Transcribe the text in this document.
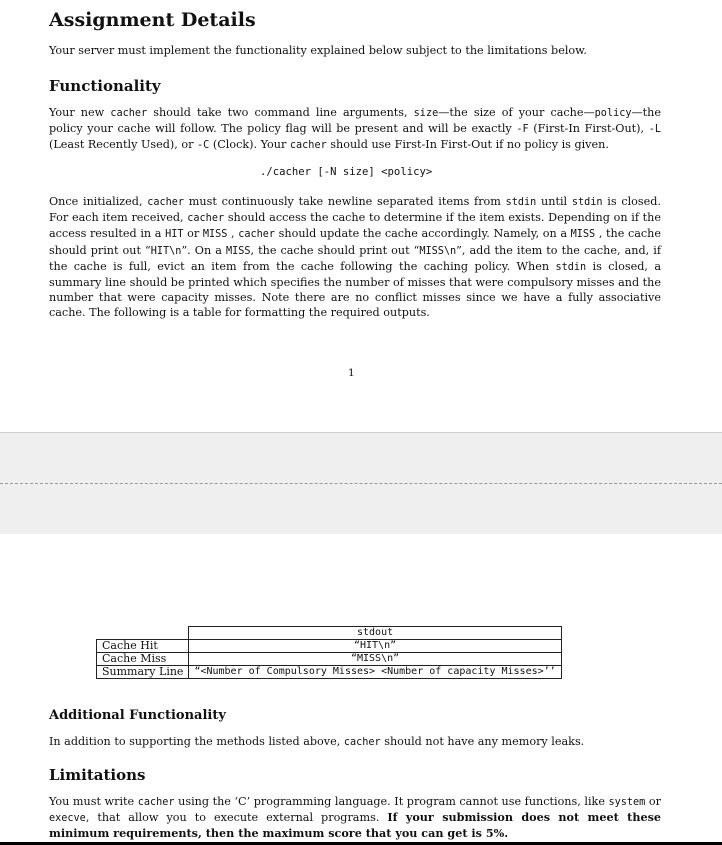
Assignment Details
Your server must implement the functionality explained below subject to the limitations below.
Functionality
Your new cacher should take two command line arguments, size—the size of your cache—policy—the policy your cache will follow. The policy flag will be present and will be exactly -F (First-In First-Out), -L (Least Recently Used), or -C (Clock). Your cacher should use First-In First-Out if no policy is given.
./cacher [-N size] <policy>
Once initialized, cacher must continuously take newline separated items from stdin until stdin is closed. For each item received, cacher should access the cache to determine if the item exists. Depending on if the access resulted in a HIT or MISS , cacher should update the cache accordingly. Namely, on a MISS , the cache should print out “HIT\n”. On a MISS, the cache should print out “MISS\n”, add the item to the cache, and, if the cache is full, evict an item from the cache following the caching policy. When stdin is closed, a summary line should be printed which specifies the number of misses that were compulsory misses and the number that were capacity misses. Note there are no conflict misses since we have a fully associative cache. The following is a table for formatting the required outputs.
1
	stdout
Cache Hit	“HIT\n”
Cache Miss	“MISS\n”
Summary Line	“<Number of Compulsory Misses> <Number of capacity Misses>’’
Additional Functionality
In addition to supporting the methods listed above, cacher should not have any memory leaks.
Limitations
You must write cacher using the ‘C’ programming language. It program cannot use functions, like system or execve, that allow you to execute external programs. If your submission does not meet these minimum requirements, then the maximum score that you can get is 5%.
